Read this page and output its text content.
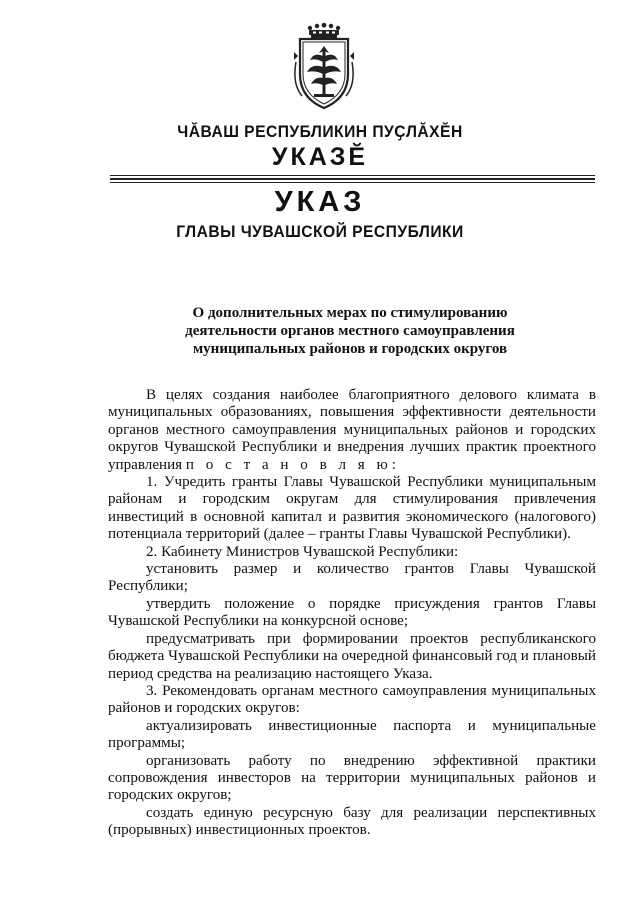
ЧӐВАШ РЕСПУБЛИКИН ПУҪЛӐХӖН
УКАЗӖ
УКАЗ
ГЛАВЫ ЧУВАШСКОЙ РЕСПУБЛИКИ
О дополнительных мерах по стимулированию
деятельности органов местного самоуправления
муниципальных районов и городских округов

В целях создания наиболее благоприятного делового климата в муниципальных образованиях, повышения эффективности деятельности органов местного самоуправления муниципальных районов и городских округов Чувашской Республики и внедрения лучших практик проектного управления п о с т а н о в л я ю:

1. Учредить гранты Главы Чувашской Республики муниципальным районам и городским округам для стимулирования привлечения инвестиций в основной капитал и развития экономического (налогового) потенциала территорий (далее – гранты Главы Чувашской Республики).

2. Кабинету Министров Чувашской Республики:

установить размер и количество грантов Главы Чувашской Республики;

утвердить положение о порядке присуждения грантов Главы Чувашской Республики на конкурсной основе;

предусматривать при формировании проектов республиканского бюджета Чувашской Республики на очередной финансовый год и плановый период средства на реализацию настоящего Указа.

3. Рекомендовать органам местного самоуправления муниципальных районов и городских округов:

актуализировать инвестиционные паспорта и муниципальные программы;

организовать работу по внедрению эффективной практики сопровождения инвесторов на территории муниципальных районов и городских округов;

создать единую ресурсную базу для реализации перспективных (прорывных) инвестиционных проектов.
